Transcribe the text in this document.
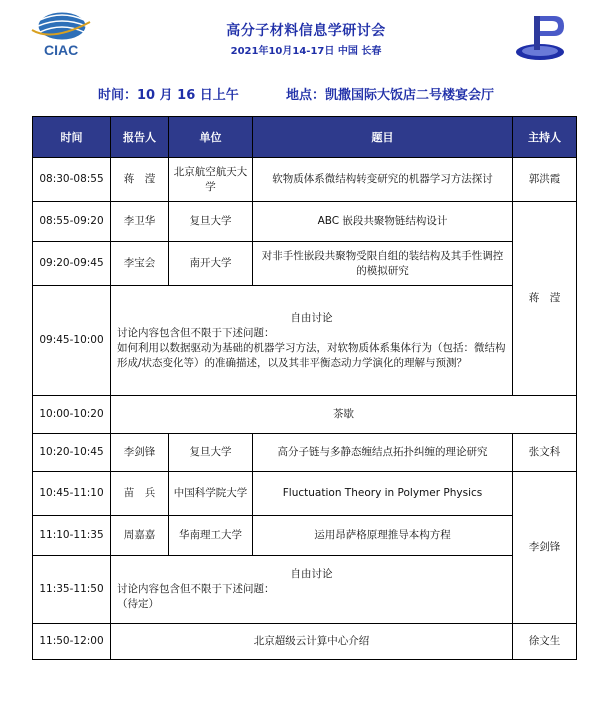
CIAC
高分子材料信息学研讨会
2021年10月14-17日 中国 长春
时间：10 月 16 日上午	地点：凯撒国际大饭店二号楼宴会厅
时间	报告人	单位	题目	主持人
08:30-08:55	蒋　滢	北京航空航天大学	软物质体系微结构转变研究的机器学习方法探讨	郭洪霞
08:55-09:20	李卫华	复旦大学	ABC 嵌段共聚物链结构设计	蒋　滢
09:20-09:45	李宝会	南开大学	对非手性嵌段共聚物受限自组的装结构及其手性调控的模拟研究	
09:45-10:00	自由讨论
讨论内容包含但不限于下述问题：
如何利用以数据驱动为基础的机器学习方法，对软物质体系集体行为（包括：微结构形成/状态变化等）的准确描述，以及其非平衡态动力学演化的理解与预测？			

10:00-10:20	茶歇			
10:20-10:45	李剑锋	复旦大学	高分子链与多静态缠结点拓扑纠缠的理论研究	张文科
10:45-11:10	苗　兵	中国科学院大学	Fluctuation Theory in Polymer Physics	李剑锋
11:10-11:35	周嘉嘉	华南理工大学	运用昂萨格原理推导本构方程	
11:35-11:50	自由讨论
讨论内容包含但不限于下述问题：
（待定）			

11:50-12:00	北京超级云计算中心介绍			徐文生
